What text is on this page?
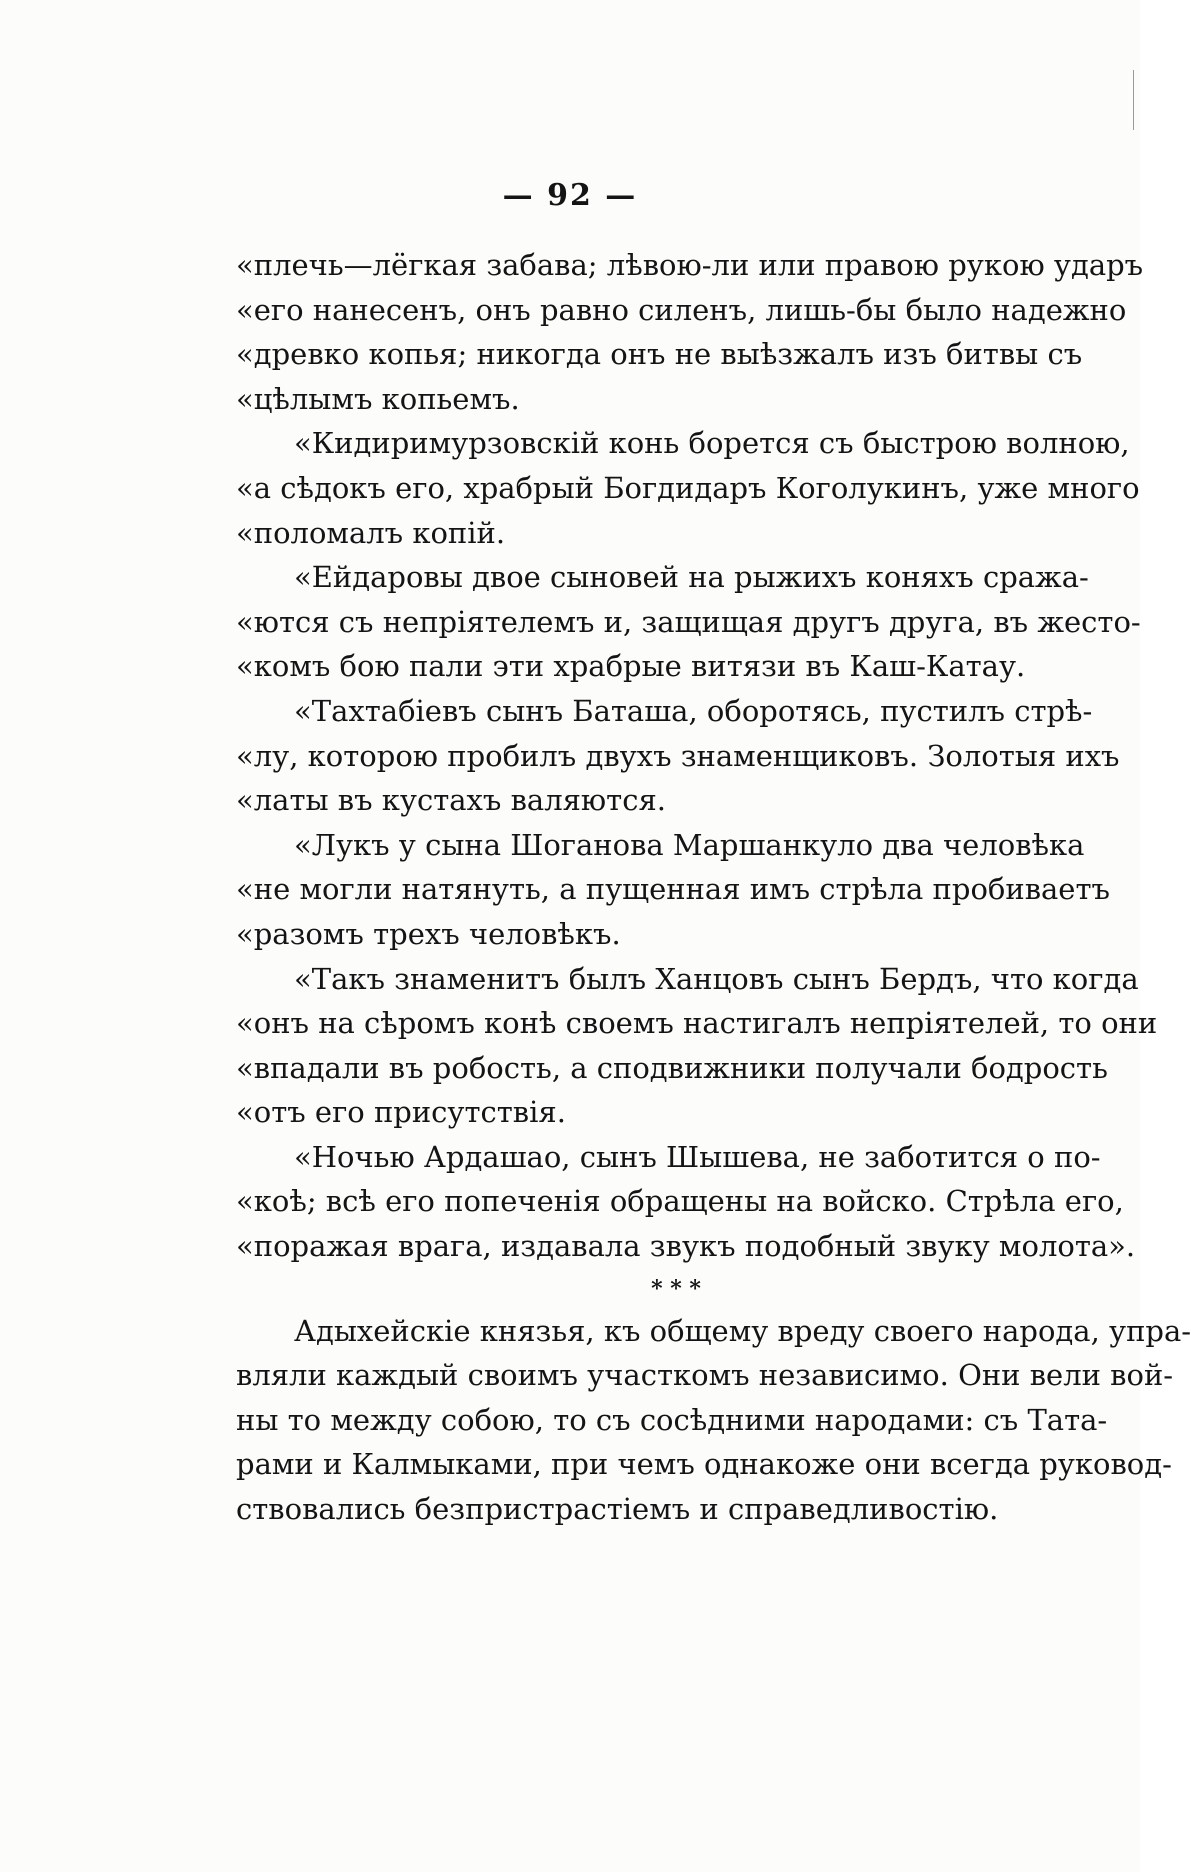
— 92 —
«плечь—лёгкая забава; лѣвою-ли или правою рукою ударъ
«его нанесенъ, онъ равно силенъ, лишь-бы было надежно
«древко копья; никогда онъ не выѣзжалъ изъ битвы съ
«цѣлымъ копьемъ.
«Кидиримурзовскій конь борется съ быстрою волною,
«а сѣдокъ его, храбрый Богдидаръ Коголукинъ, уже много
«поломалъ копій.
«Ейдаровы двое сыновей на рыжихъ коняхъ сража-
«ются съ непріятелемъ и, защищая другъ друга, въ жесто-
«комъ бою пали эти храбрые витязи въ Каш-Катау.
«Тахтабіевъ сынъ Баташа, оборотясь, пустилъ стрѣ-
«лу, которою пробилъ двухъ знаменщиковъ. Золотыя ихъ
«латы въ кустахъ валяются.
«Лукъ у сына Шоганова Маршанкуло два человѣка
«не могли натянуть, а пущенная имъ стрѣла пробиваетъ
«разомъ трехъ человѣкъ.
«Такъ знаменитъ былъ Ханцовъ сынъ Бердъ, что когда
«онъ на сѣромъ конѣ своемъ настигалъ непріятелей, то они
«впадали въ робость, а сподвижники получали бодрость
«отъ его присутствія.
«Ночью Ардашао, сынъ Шышева, не заботится о по-
«коѣ; всѣ его попеченія обращены на войско. Стрѣла его,
«поражая врага, издавала звукъ подобный звуку молота».
* * *
Адыхейскіе князья, къ общему вреду своего народа, упра-
вляли каждый своимъ участкомъ независимо. Они вели вой-
ны то между собою, то съ сосѣдними народами: съ Тата-
рами и Калмыками, при чемъ однакоже они всегда руковод-
ствовались безпристрастіемъ и справедливостію.
